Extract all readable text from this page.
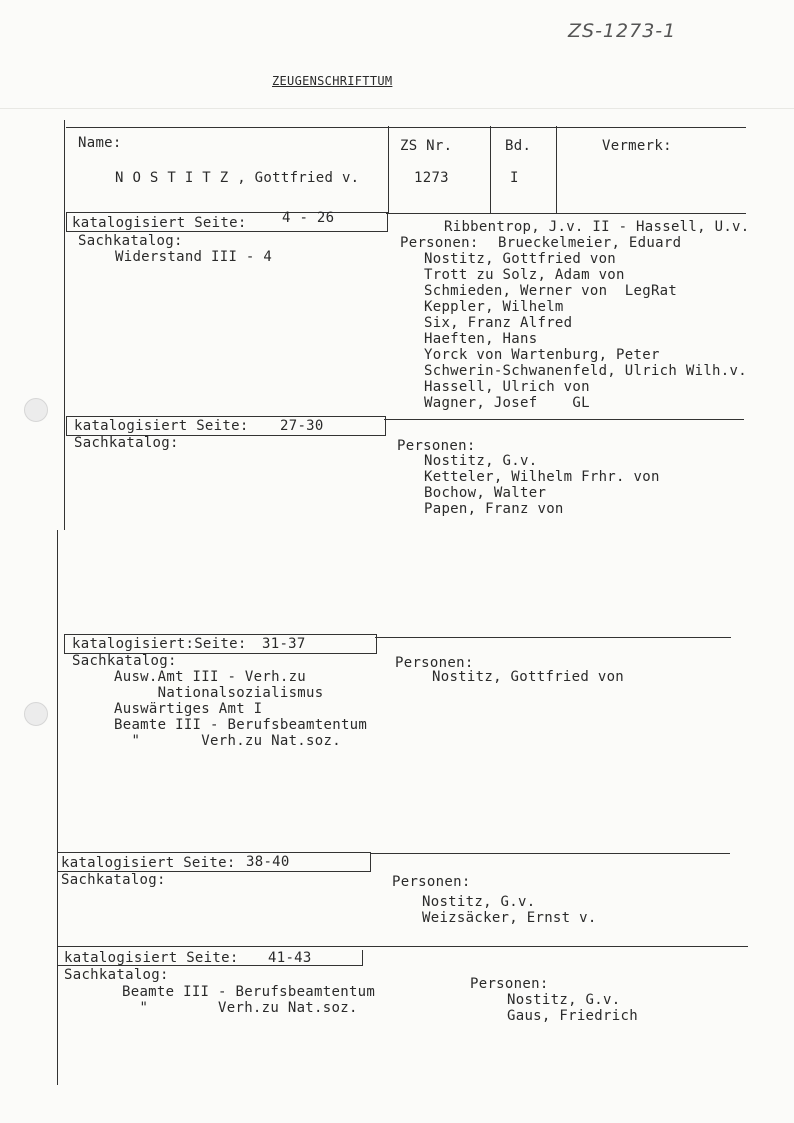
ZS-1273-1
ZEUGENSCHRIFTTUM
Name:
N O S T I T Z , Gottfried v.
ZS Nr.
1273
Bd.
I
Vermerk:
katalogisiert Seite:	4 - 26
Sachkatalog:
Widerstand III - 4
Ribbentrop, J.v. II - Hassell, U.v.
Personen: Brueckelmeier, Eduard
Nostitz, Gottfried von
Trott zu Solz, Adam von
Schmieden, Werner von  LegRat
Keppler, Wilhelm
Six, Franz Alfred
Haeften, Hans
Yorck von Wartenburg, Peter
Schwerin-Schwanenfeld, Ulrich Wilh.v.
Hassell, Ulrich von
Wagner, Josef    GL
katalogisiert Seite: 27-30
Sachkatalog:	Personen:
Nostitz, G.v.
Ketteler, Wilhelm Frhr. von
Bochow, Walter
Papen, Franz von
katalogisiert:Seite: 31-37
Sachkatalog:
Ausw.Amt III - Verh.zu
Nationalsozialismus
Auswärtiges Amt I
Beamte III - Berufsbeamtentum
"       Verh.zu Nat.soz.
Personen:
Nostitz, Gottfried von
katalogisiert Seite: 38-40
Sachkatalog:	Personen:
Nostitz, G.v.
Weizsäcker, Ernst v.
katalogisiert Seite: 41-43
Sachkatalog:
Beamte III - Berufsbeamtentum
"        Verh.zu Nat.soz.
Personen:
Nostitz, G.v.
Gaus, Friedrich
